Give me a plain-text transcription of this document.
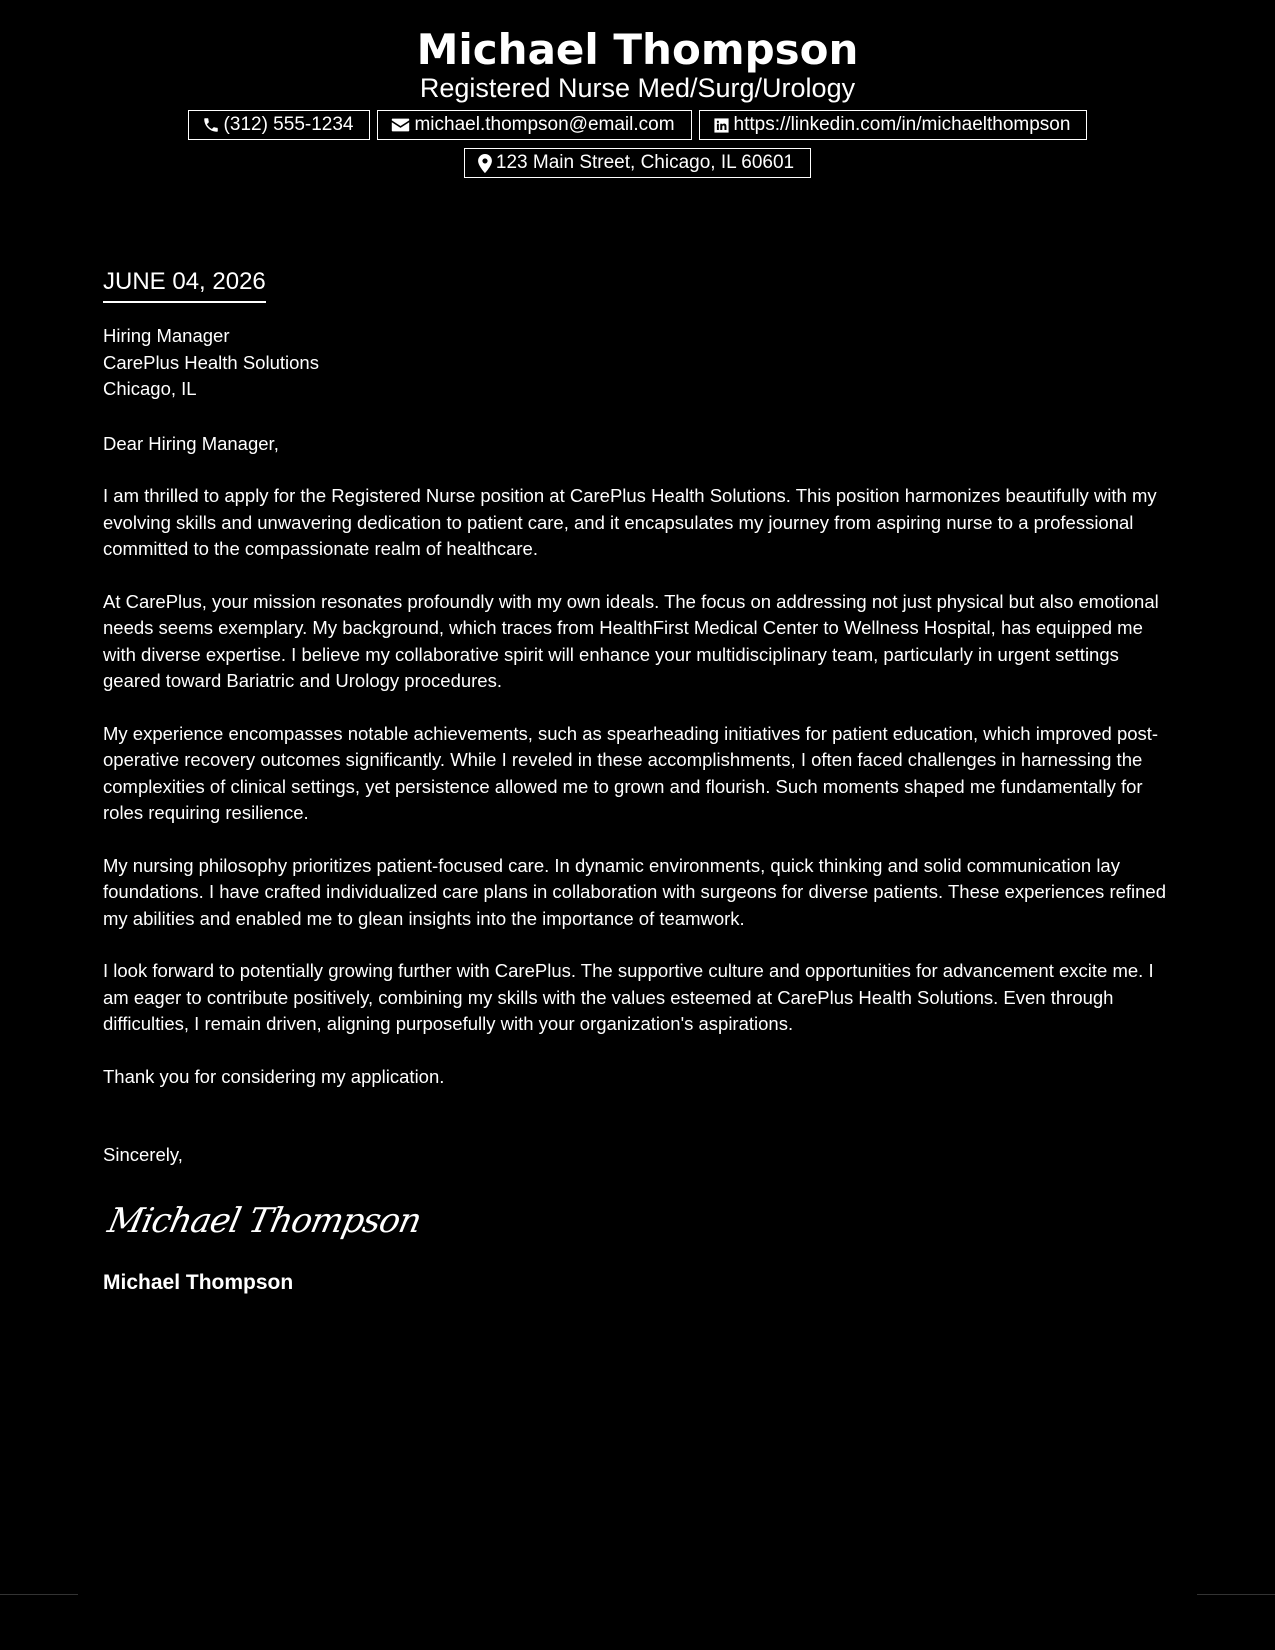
Michael Thompson
Registered Nurse Med/Surg/Urology
(312) 555-1234	michael.thompson@email.com	https://linkedin.com/in/michaelthompson
123 Main Street, Chicago, IL 60601
JUNE 04, 2026
Hiring Manager
CarePlus Health Solutions
Chicago, IL
Dear Hiring Manager,

I am thrilled to apply for the Registered Nurse position at CarePlus Health Solutions. This position harmonizes beautifully with my evolving skills and unwavering dedication to patient care, and it encapsulates my journey from aspiring nurse to a professional committed to the compassionate realm of healthcare.

At CarePlus, your mission resonates profoundly with my own ideals. The focus on addressing not just physical but also emotional needs seems exemplary. My background, which traces from HealthFirst Medical Center to Wellness Hospital, has equipped me with diverse expertise. I believe my collaborative spirit will enhance your multidisciplinary team, particularly in urgent settings geared toward Bariatric and Urology procedures.

My experience encompasses notable achievements, such as spearheading initiatives for patient education, which improved post-operative recovery outcomes significantly. While I reveled in these accomplishments, I often faced challenges in harnessing the complexities of clinical settings, yet persistence allowed me to grown and flourish. Such moments shaped me fundamentally for roles requiring resilience.

My nursing philosophy prioritizes patient-focused care. In dynamic environments, quick thinking and solid communication lay foundations. I have crafted individualized care plans in collaboration with surgeons for diverse patients. These experiences refined my abilities and enabled me to glean insights into the importance of teamwork.

I look forward to potentially growing further with CarePlus. The supportive culture and opportunities for advancement excite me. I am eager to contribute positively, combining my skills with the values esteemed at CarePlus Health Solutions. Even through difficulties, I remain driven, aligning purposefully with your organization's aspirations.

Thank you for considering my application.

Sincerely,
Michael Thompson
Michael Thompson
